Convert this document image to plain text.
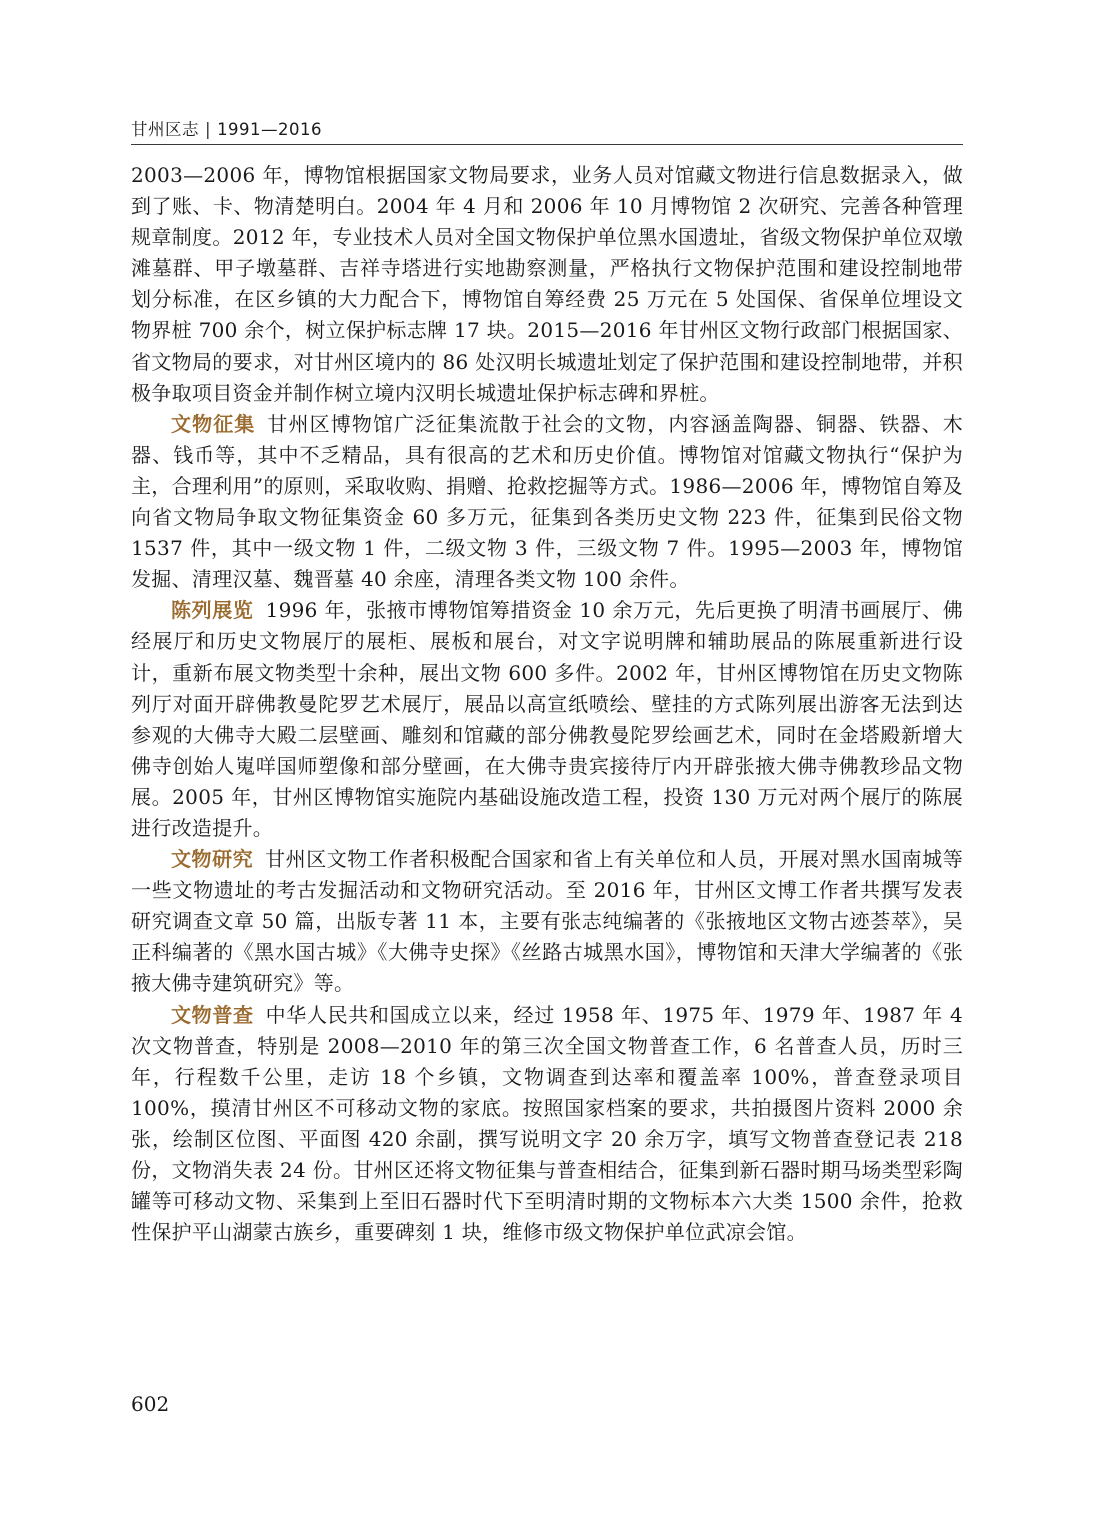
甘州区志 | 1991—2016

2003—2006 年，博物馆根据国家文物局要求，业务人员对馆藏文物进行信息数据录入，做到了账、卡、物清楚明白。2004 年 4 月和 2006 年 10 月博物馆 2 次研究、完善各种管理规章制度。2012 年，专业技术人员对全国文物保护单位黑水国遗址，省级文物保护单位双墩滩墓群、甲子墩墓群、吉祥寺塔进行实地勘察测量，严格执行文物保护范围和建设控制地带划分标准，在区乡镇的大力配合下，博物馆自筹经费 25 万元在 5 处国保、省保单位埋设文物界桩 700 余个，树立保护标志牌 17 块。2015—2016 年甘州区文物行政部门根据国家、省文物局的要求，对甘州区境内的 86 处汉明长城遗址划定了保护范围和建设控制地带，并积极争取项目资金并制作树立境内汉明长城遗址保护标志碑和界桩。

文物征集 甘州区博物馆广泛征集流散于社会的文物，内容涵盖陶器、铜器、铁器、木器、钱币等，其中不乏精品，具有很高的艺术和历史价值。博物馆对馆藏文物执行“保护为主，合理利用”的原则，采取收购、捐赠、抢救挖掘等方式。1986—2006 年，博物馆自筹及向省文物局争取文物征集资金 60 多万元，征集到各类历史文物 223 件，征集到民俗文物 1537 件，其中一级文物 1 件，二级文物 3 件，三级文物 7 件。1995—2003 年，博物馆发掘、清理汉墓、魏晋墓 40 余座，清理各类文物 100 余件。

陈列展览 1996 年，张掖市博物馆筹措资金 10 余万元，先后更换了明清书画展厅、佛经展厅和历史文物展厅的展柜、展板和展台，对文字说明牌和辅助展品的陈展重新进行设计，重新布展文物类型十余种，展出文物 600 多件。2002 年，甘州区博物馆在历史文物陈列厅对面开辟佛教曼陀罗艺术展厅，展品以高宣纸喷绘、壁挂的方式陈列展出游客无法到达参观的大佛寺大殿二层壁画、雕刻和馆藏的部分佛教曼陀罗绘画艺术，同时在金塔殿新增大佛寺创始人嵬咩国师塑像和部分壁画，在大佛寺贵宾接待厅内开辟张掖大佛寺佛教珍品文物展。2005 年，甘州区博物馆实施院内基础设施改造工程，投资 130 万元对两个展厅的陈展进行改造提升。

文物研究 甘州区文物工作者积极配合国家和省上有关单位和人员，开展对黑水国南城等一些文物遗址的考古发掘活动和文物研究活动。至 2016 年，甘州区文博工作者共撰写发表研究调查文章 50 篇，出版专著 11 本，主要有张志纯编著的《张掖地区文物古迹荟萃》，吴正科编著的《黑水国古城》《大佛寺史探》《丝路古城黑水国》，博物馆和天津大学编著的《张掖大佛寺建筑研究》等。

文物普查 中华人民共和国成立以来，经过 1958 年、1975 年、1979 年、1987 年 4 次文物普查，特别是 2008—2010 年的第三次全国文物普查工作，6 名普查人员，历时三年，行程数千公里，走访 18 个乡镇，文物调查到达率和覆盖率 100%，普查登录项目 100%，摸清甘州区不可移动文物的家底。按照国家档案的要求，共拍摄图片资料 2000 余张，绘制区位图、平面图 420 余副，撰写说明文字 20 余万字，填写文物普查登记表 218 份，文物消失表 24 份。甘州区还将文物征集与普查相结合，征集到新石器时期马场类型彩陶罐等可移动文物、采集到上至旧石器时代下至明清时期的文物标本六大类 1500 余件，抢救性保护平山湖蒙古族乡，重要碑刻 1 块，维修市级文物保护单位武凉会馆。

602
